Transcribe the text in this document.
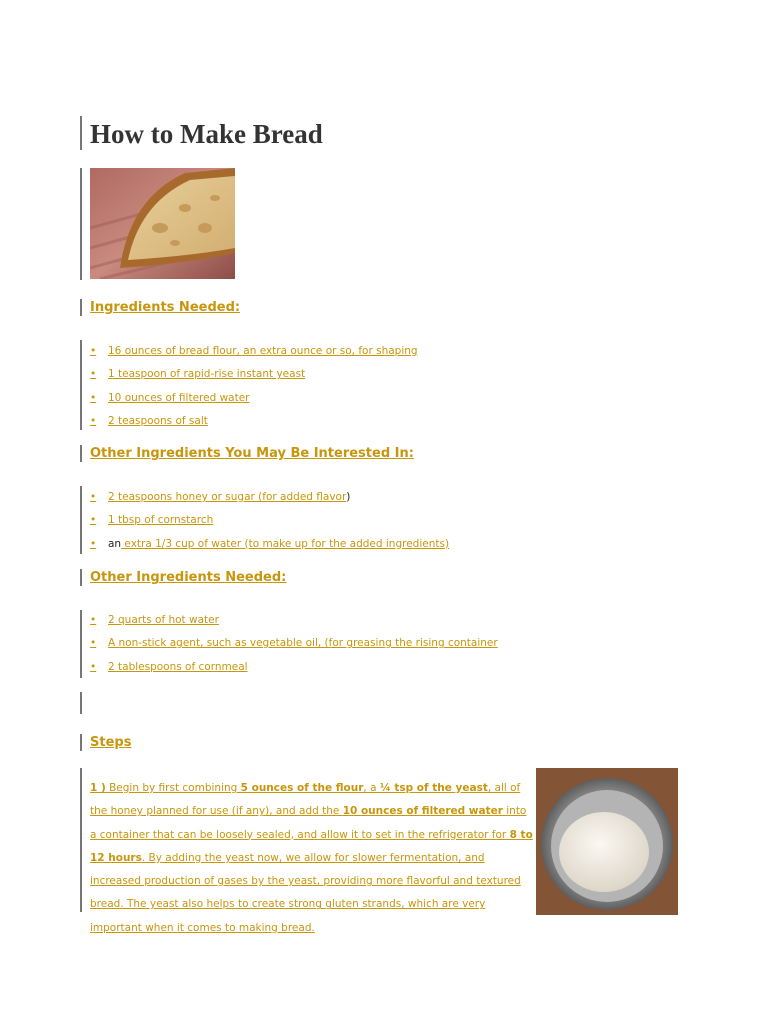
How to Make Bread
Ingredients Needed:
• 16 ounces of bread flour, an extra ounce or so, for shaping
• 1 teaspoon of rapid-rise instant yeast
• 10 ounces of filtered water
• 2 teaspoons of salt
Other Ingredients You May Be Interested In:
• 2 teaspoons honey or sugar (for added flavor)
• 1 tbsp of cornstarch
• an extra 1/3 cup of water (to make up for the added ingredients)
Other Ingredients Needed:
• 2 quarts of hot water
• A non-stick agent, such as vegetable oil, (for greasing the rising container
• 2 tablespoons of cornmeal
Steps
1 ) Begin by first combining 5 ounces of the flour, a ¼ tsp of the yeast, all of the honey planned for use (if any), and add the 10 ounces of filtered water into a container that can be loosely sealed, and allow it to set in the refrigerator for 8 to 12 hours. By adding the yeast now, we allow for slower fermentation, and increased production of gases by the yeast, providing more flavorful and textured bread. The yeast also helps to create strong gluten strands, which are very important when it comes to making bread.
